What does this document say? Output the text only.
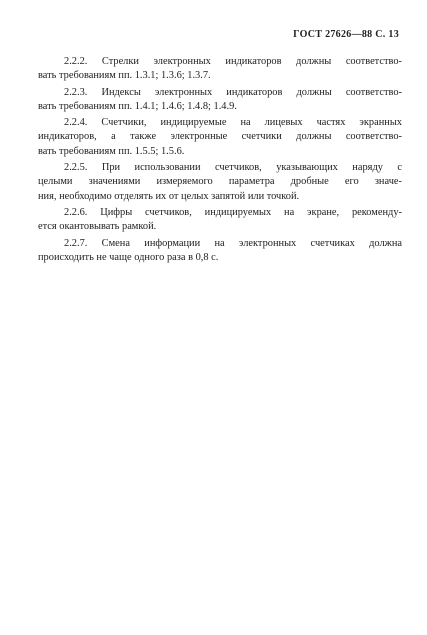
ГОСТ 27626—88 С. 13
2.2.2. Стрелки электронных индикаторов должны соответство-
вать требованиям пп. 1.3.1; 1.3.6; 1.3.7.
2.2.3. Индексы электронных индикаторов должны соответство-
вать требованиям пп. 1.4.1; 1.4.6; 1.4.8; 1.4.9.
2.2.4. Счетчики, индицируемые на лицевых частях экранных
индикаторов, а также электронные счетчики должны соответство-
вать требованиям пп. 1.5.5; 1.5.6.
2.2.5. При использовании счетчиков, указывающих наряду с
целыми значениями измеряемого параметра дробные его значе-
ния, необходимо отделять их от целых запятой или точкой.
2.2.6. Цифры счетчиков, индицируемых на экране, рекоменду-
ется окантовывать рамкой.
2.2.7. Смена информации на электронных счетчиках должна
происходить не чаще одного раза в 0,8 с.
